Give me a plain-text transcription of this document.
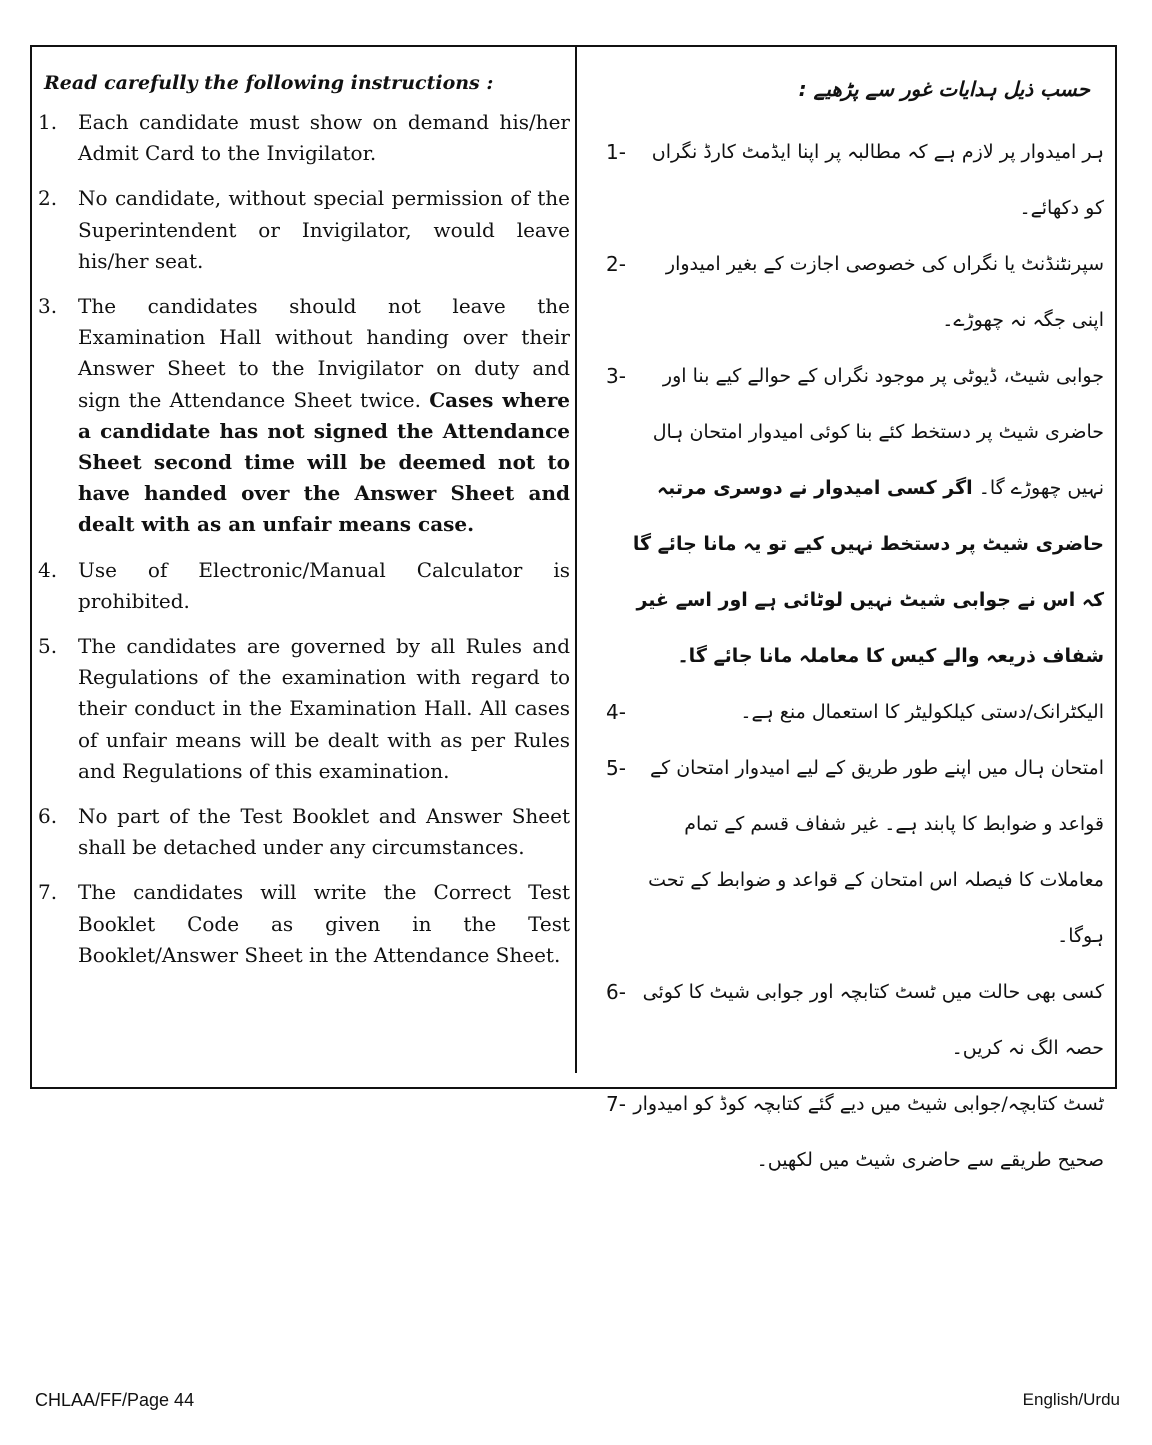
Read carefully the following instructions :
1.	Each candidate must show on demand his/her Admit Card to the Invigilator.
2.	No candidate, without special permission of the Superintendent or Invigilator, would leave his/her seat.
3.	The candidates should not leave the Examination Hall without handing over their Answer Sheet to the Invigilator on duty and sign the Attendance Sheet twice. Cases where a candidate has not signed the Attendance Sheet second time will be deemed not to have handed over the Answer Sheet and dealt with as an unfair means case.
4.	Use of Electronic/Manual Calculator is prohibited.
5.	The candidates are governed by all Rules and Regulations of the examination with regard to their conduct in the Examination Hall. All cases of unfair means will be dealt with as per Rules and Regulations of this examination.
6.	No part of the Test Booklet and Answer Sheet shall be detached under any circumstances.
7.	The candidates will write the Correct Test Booklet Code as given in the Test Booklet/Answer Sheet in the Attendance Sheet.
حسب ذیل ہدایات غور سے پڑھیے :
1-	ہر امیدوار پر لازم ہے کہ مطالبہ پر اپنا ایڈمٹ کارڈ نگراں کو دکھائے۔
2-	سپرنٹنڈنٹ یا نگراں کی خصوصی اجازت کے بغیر امیدوار اپنی جگہ نہ چھوڑے۔
3-	جوابی شیٹ، ڈیوٹی پر موجود نگراں کے حوالے کیے بنا اور حاضری شیٹ پر دستخط کئے بنا کوئی امیدوار امتحان ہال نہیں چھوڑے گا۔ اگر کسی امیدوار نے دوسری مرتبہ حاضری شیٹ پر دستخط نہیں کیے تو یہ مانا جائے گا کہ اس نے جوابی شیٹ نہیں لوٹائی ہے اور اسے غیر شفاف ذریعہ والے کیس کا معاملہ مانا جائے گا۔
4-	الیکٹرانک/دستی کیلکولیٹر کا استعمال منع ہے۔
5-	امتحان ہال میں اپنے طور طریق کے لیے امیدوار امتحان کے قواعد و ضوابط کا پابند ہے۔ غیر شفاف قسم کے تمام معاملات کا فیصلہ اس امتحان کے قواعد و ضوابط کے تحت ہوگا۔
6- کسی بھی حالت میں ٹسٹ کتابچہ اور جوابی شیٹ کا کوئی حصہ الگ نہ کریں۔
7- ٹسٹ کتابچہ/جوابی شیٹ میں دیے گئے کتابچہ کوڈ کو امیدوار صحیح طریقے سے حاضری شیٹ میں لکھیں۔
CHLAA/FF/Page 44	English/Urdu
